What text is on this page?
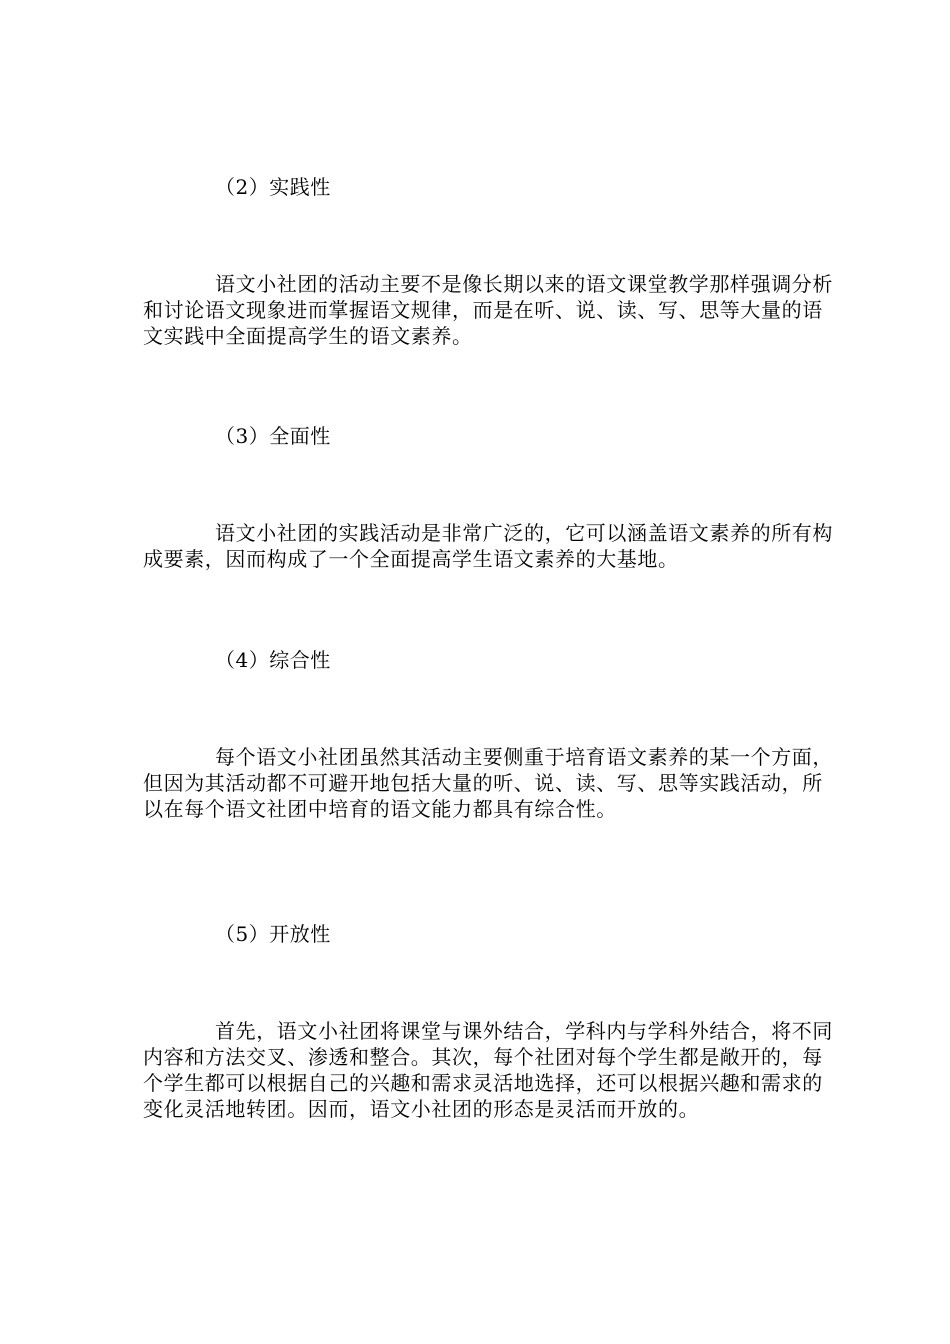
（2）实践性

语文小社团的活动主要不是像长期以来的语文课堂教学那样强调分析和讨论语文现象进而掌握语文规律，而是在听、说、读、写、思等大量的语文实践中全面提高学生的语文素养。

（3）全面性

语文小社团的实践活动是非常广泛的，它可以涵盖语文素养的所有构成要素，因而构成了一个全面提高学生语文素养的大基地。

（4）综合性

每个语文小社团虽然其活动主要侧重于培育语文素养的某一个方面，但因为其活动都不可避开地包括大量的听、说、读、写、思等实践活动，所以在每个语文社团中培育的语文能力都具有综合性。

（5）开放性

首先，语文小社团将课堂与课外结合，学科内与学科外结合，将不同内容和方法交叉、渗透和整合。其次，每个社团对每个学生都是敞开的，每个学生都可以根据自己的兴趣和需求灵活地选择，还可以根据兴趣和需求的变化灵活地转团。因而，语文小社团的形态是灵活而开放的。
